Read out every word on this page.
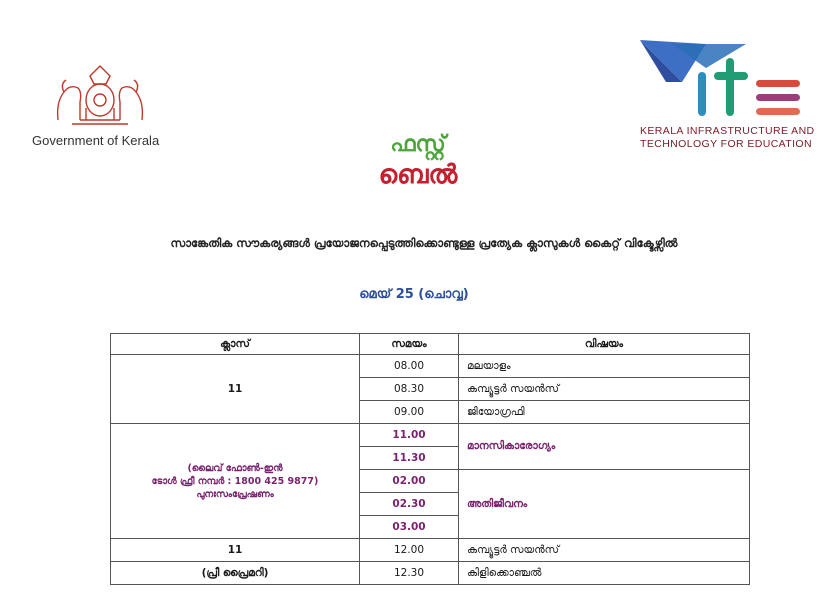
Government of Kerala	ഫസ്റ്റ്
ബെൽ
KERALA INFRASTRUCTURE AND
TECHNOLOGY FOR EDUCATION
സാങ്കേതിക സൗകര്യങ്ങൾ പ്രയോജനപ്പെടുത്തിക്കൊണ്ടുള്ള പ്രത്യേക ക്ലാസുകൾ കൈറ്റ് വിക്ടേഴ്സിൽ
മെയ് 25 (ചൊവ്വ)
ക്ലാസ്	സമയം	വിഷയം
11	08.00	മലയാളം
	08.30	കമ്പ്യൂട്ടർ സയൻസ്
	09.00	ജിയോഗ്രഫി

(ലൈവ് ഫോൺ-ഇൻ
ടോൾ ഫ്രീ നമ്പർ : 1800 425 9877)
പുനഃസംപ്രേഷണം	11.00	മാനസികാരോഗ്യം
	11.30	
	02.00	അതിജീവനം
	02.30	
	03.00	
11	12.00	കമ്പ്യൂട്ടർ സയൻസ്
(പ്രീ പ്രൈമറി)	12.30	കിളിക്കൊഞ്ചൽ
